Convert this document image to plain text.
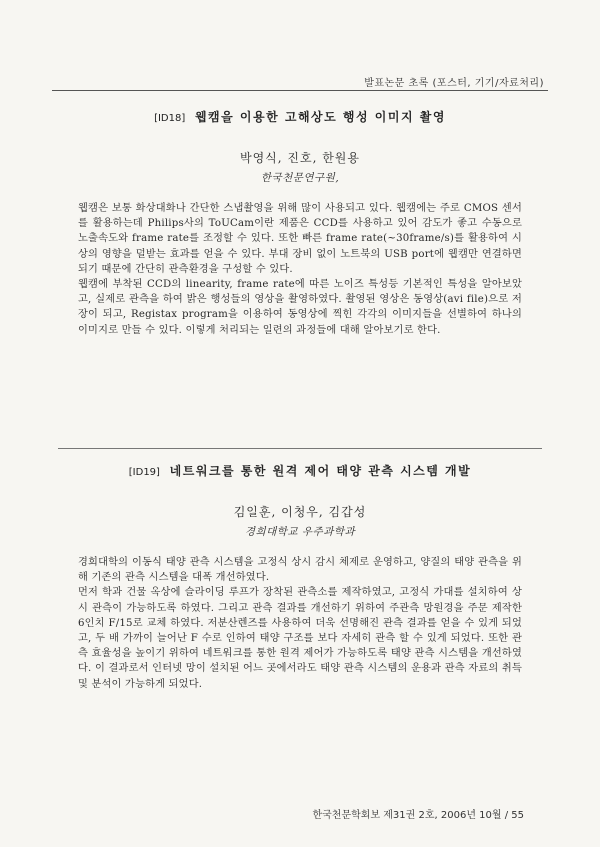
발표논문 초록 (포스터, 기기/자료처리)
[ID18] 웹캠을 이용한 고해상도 행성 이미지 촬영
박영식, 진호, 한원용
한국천문연구원,

웹캠은 보통 화상대화나 간단한 스냅촬영을 위해 많이 사용되고 있다. 웹캠에는 주로 CMOS 센서를 활용하는데 Philips사의 ToUCam이란 제품은 CCD를 사용하고 있어 감도가 좋고 수동으로 노출속도와 frame rate를 조정할 수 있다. 또한 빠른 frame rate(~30frame/s)를 활용하여 시상의 영향을 덜받는 효과를 얻을 수 있다. 부대 장비 없이 노트북의 USB port에 웹캠만 연결하면 되기 때문에 간단히 관측환경을 구성할 수 있다.

웹캠에 부착된 CCD의 linearity, frame rate에 따른 노이즈 특성등 기본적인 특성을 알아보았고, 실제로 관측을 하여 밝은 행성들의 영상을 촬영하였다. 촬영된 영상은 동영상(avi file)으로 저장이 되고, Registax program을 이용하여 동영상에 찍힌 각각의 이미지들을 선별하여 하나의 이미지로 만들 수 있다. 이렇게 처리되는 일련의 과정들에 대해 알아보기로 한다.

[ID19] 네트워크를 통한 원격 제어 태양 관측 시스템 개발
김일훈, 이청우, 김갑성
경희대학교 우주과학과

경희대학의 이동식 태양 관측 시스템을 고정식 상시 감시 체제로 운영하고, 양질의 태양 관측을 위해 기존의 관측 시스템을 대폭 개선하였다.

먼저 학과 건물 옥상에 슬라이딩 루프가 장착된 관측소를 제작하였고, 고정식 가대를 설치하여 상시 관측이 가능하도록 하였다. 그리고 관측 결과를 개선하기 위하여 주관측 망원경을 주문 제작한 6인치 F/15로 교체 하였다. 저분산렌즈를 사용하여 더욱 선명해진 관측 결과를 얻을 수 있게 되었고, 두 배 가까이 늘어난 F 수로 인하여 태양 구조를 보다 자세히 관측 할 수 있게 되었다. 또한 관측 효율성을 높이기 위하여 네트워크를 통한 원격 제어가 가능하도록 태양 관측 시스템을 개선하였다. 이 결과로서 인터넷 망이 설치된 어느 곳에서라도 태양 관측 시스템의 운용과 관측 자료의 취득 및 분석이 가능하게 되었다.

한국천문학회보 제31권 2호, 2006년 10월 / 55
